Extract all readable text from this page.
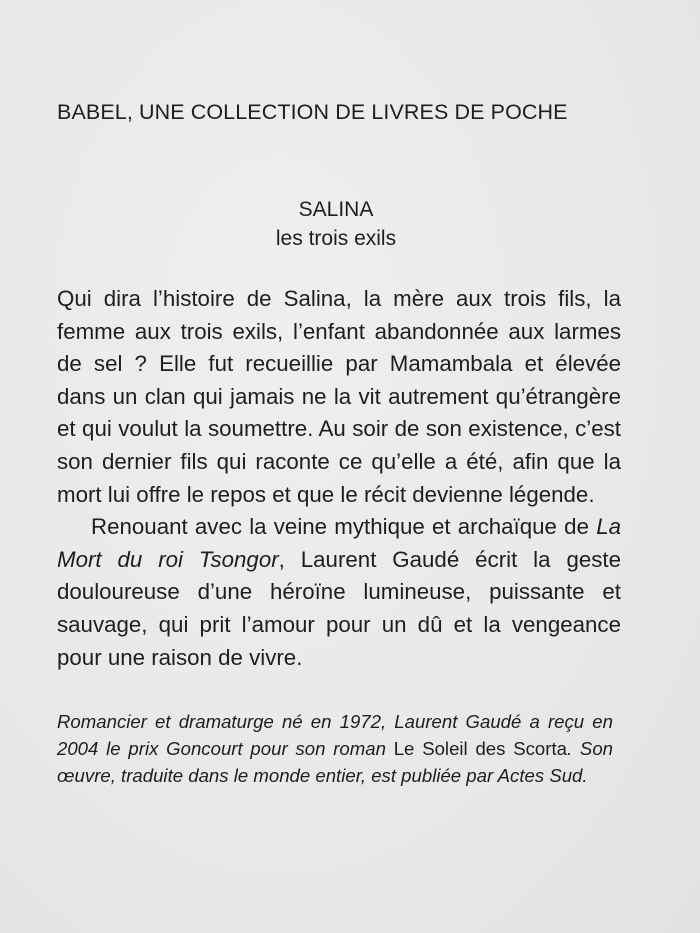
BABEL, UNE COLLECTION DE LIVRES DE POCHE
SALINA
les trois exils

Qui dira l’histoire de Salina, la mère aux trois fils, la femme aux trois exils, l’enfant abandonnée aux larmes de sel ? Elle fut recueillie par Mamambala et élevée dans un clan qui jamais ne la vit autrement qu’étrangère et qui voulut la soumettre. Au soir de son existence, c’est son dernier fils qui raconte ce qu’elle a été, afin que la mort lui offre le repos et que le récit devienne légende.

Renouant avec la veine mythique et archaïque de La Mort du roi Tsongor, Laurent Gaudé écrit la geste douloureuse d’une héroïne lumineuse, puissante et sauvage, qui prit l’amour pour un dû et la vengeance pour une raison de vivre.

Romancier et dramaturge né en 1972, Laurent Gaudé a reçu en 2004 le prix Goncourt pour son roman Le Soleil des Scorta. Son œuvre, traduite dans le monde entier, est publiée par Actes Sud.
